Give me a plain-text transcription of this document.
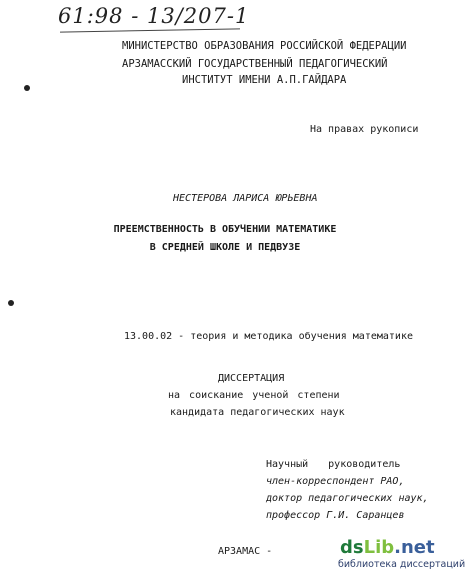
61:98 - 13/207-1
МИНИСТЕРСТВО ОБРАЗОВАНИЯ РОССИЙСКОЙ ФЕДЕРАЦИИ
АРЗАМАССКИЙ ГОСУДАРСТВЕННЫЙ ПЕДАГОГИЧЕСКИЙ
ИНСТИТУТ ИМЕНИ А.П.ГАЙДАРА
На правах рукописи
НЕСТЕРОВА ЛАРИСА ЮРЬЕВНА
ПРЕЕМСТВЕННОСТЬ В ОБУЧЕНИИ МАТЕМАТИКЕ
В СРЕДНЕЙ ШКОЛЕ И ПЕДВУЗЕ
13.00.02 - теория и методика обучения математике
ДИССЕРТАЦИЯ
на соискание ученой степени
кандидата педагогических наук
Научный руководитель
член-корреспондент РАО,
доктор педагогических наук,
профессор Г.И. Саранцев
АРЗАМАС -	dsLib.net
библиотека диссертаций
